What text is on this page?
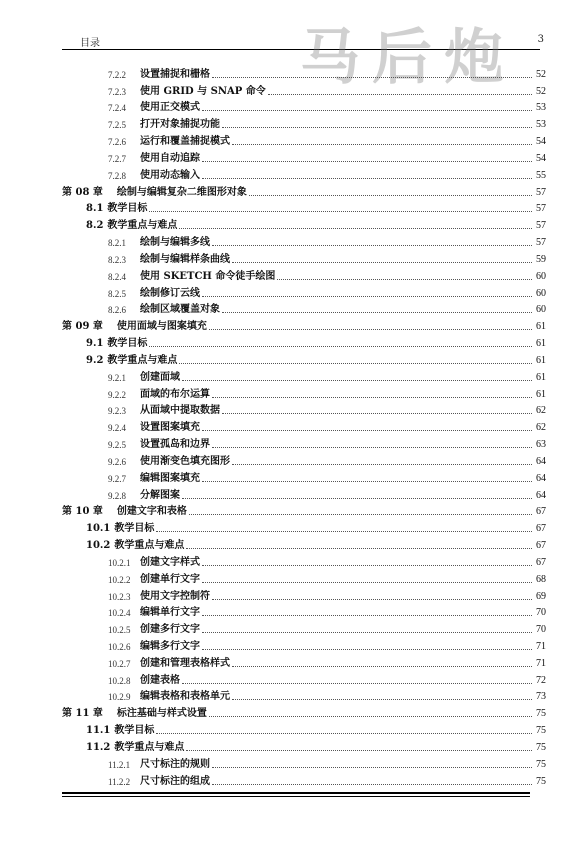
目录	3
马后炮
7.2.2	设置捕捉和栅格	52
7.2.3	使用 GRID 与 SNAP 命令	52
7.2.4	使用正交模式	53
7.2.5	打开对象捕捉功能	53
7.2.6	运行和覆盖捕捉模式	54
7.2.7	使用自动追踪	54
7.2.8	使用动态输入	55
第 08 章 绘制与编辑复杂二维图形对象	57
8.1 教学目标	57
8.2 教学重点与难点	57
8.2.1	绘制与编辑多线	57
8.2.3	绘制与编辑样条曲线	59
8.2.4	使用 SKETCH 命令徒手绘图	60
8.2.5	绘制修订云线	60
8.2.6	绘制区域覆盖对象	60
第 09 章 使用面域与图案填充	61
9.1 教学目标	61
9.2 教学重点与难点	61
9.2.1	创建面域	61
9.2.2	面域的布尔运算	61
9.2.3	从面域中提取数据	62
9.2.4	设置图案填充	62
9.2.5	设置孤岛和边界	63
9.2.6	使用渐变色填充图形	64
9.2.7	编辑图案填充	64
9.2.8	分解图案	64
第 10 章 创建文字和表格	67
10.1 教学目标	67
10.2 教学重点与难点	67
10.2.1 创建文字样式	67
10.2.2 创建单行文字	68
10.2.3 使用文字控制符	69
10.2.4 编辑单行文字	70
10.2.5 创建多行文字	70
10.2.6 编辑多行文字	71
10.2.7 创建和管理表格样式	71
10.2.8 创建表格	72
10.2.9 编辑表格和表格单元	73
第 11 章 标注基础与样式设置	75
11.1 教学目标	75
11.2 教学重点与难点	75
11.2.1 尺寸标注的规则	75
11.2.2 尺寸标注的组成	75
